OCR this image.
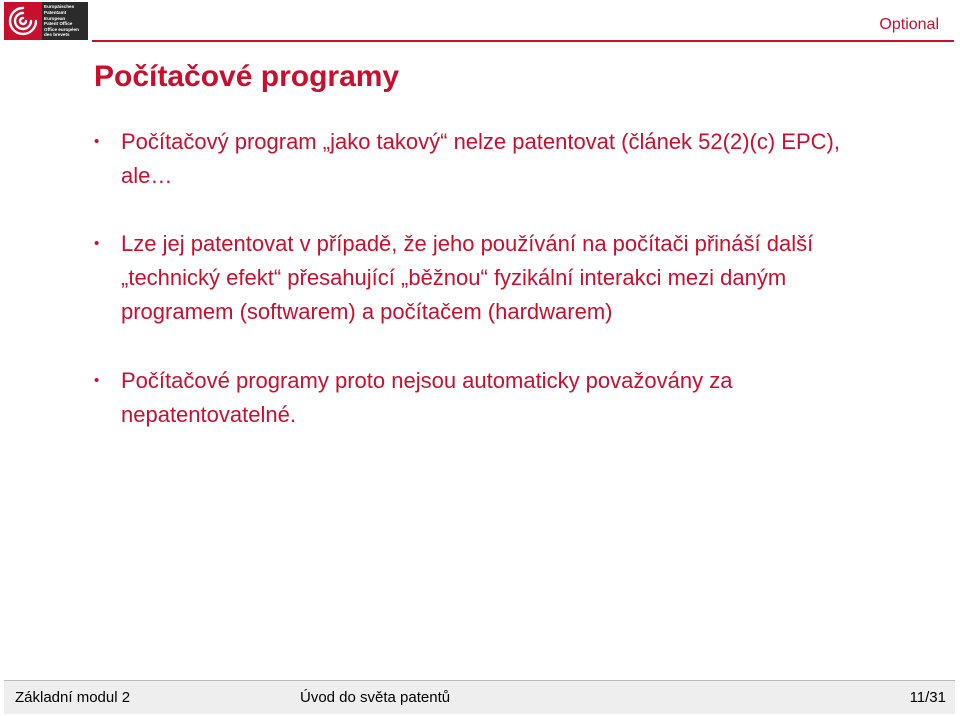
Europäisches
Patentamt
European
Patent Office
Office européen
des brevets
Optional
Počítačové programy
• Počítačový program „jako takový“ nelze patentovat (článek 52(2)(c) EPC), ale…
• Lze jej patentovat v případě, že jeho používání na počítači přináší další „technický efekt“ přesahující „běžnou“ fyzikální interakci mezi daným programem (softwarem) a počítačem (hardwarem)
• Počítačové programy proto nejsou automaticky považovány za nepatentovatelné.
Základní modul 2	Úvod do světa patentů	11/31
